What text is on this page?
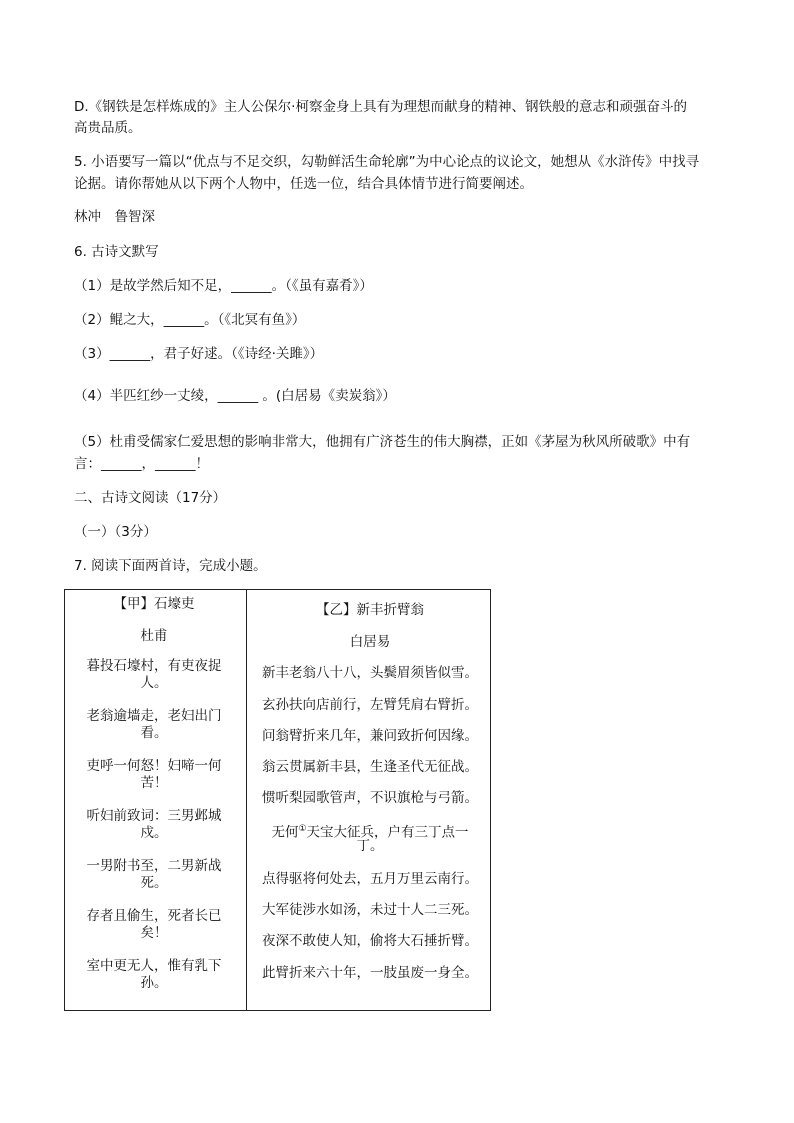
D.《钢铁是怎样炼成的》主人公保尔·柯察金身上具有为理想而献身的精神、钢铁般的意志和顽强奋斗的
高贵品质。
5. 小语要写一篇以“优点与不足交织，勾勒鲜活生命轮廓”为中心论点的议论文，她想从《水浒传》中找寻
论据。请你帮她从以下两个人物中，任选一位，结合具体情节进行简要阐述。
林冲　鲁智深
6. 古诗文默写
（1）是故学然后知不足，______。（《虽有嘉肴》）
（2）鲲之大，______。（《北冥有鱼》）
（3）______，君子好逑。（《诗经·关雎》）
（4）半匹红纱一丈绫，______ 。(白居易《卖炭翁》）
（5）杜甫受儒家仁爱思想的影响非常大，他拥有广济苍生的伟大胸襟，正如《茅屋为秋风所破歌》中有
言：______，______！
二、古诗文阅读（17分）
（一）（3分）
7. 阅读下面两首诗，完成小题。
【甲】石壕吏
杜甫
暮投石壕村，有吏夜捉
人。
老翁逾墙走，老妇出门
看。
吏呼一何怒！妇啼一何
苦！
听妇前致词：三男邺城
戍。
一男附书至，二男新战
死。
存者且偷生，死者长已
矣！
室中更无人，惟有乳下
孙。

【乙】新丰折臂翁
白居易
新丰老翁八十八，头鬓眉须皆似雪。
玄孙扶向店前行，左臂凭肩右臂折。
问翁臂折来几年，兼问致折何因缘。
翁云贯属新丰县，生逢圣代无征战。
惯听梨园歌管声，不识旗枪与弓箭。
无何①天宝大征兵，户有三丁点一
丁。
点得驱将何处去，五月万里云南行。
大军徒涉水如汤，未过十人二三死。
夜深不敢使人知，偷将大石捶折臂。
此臂折来六十年，一肢虽废一身全。
